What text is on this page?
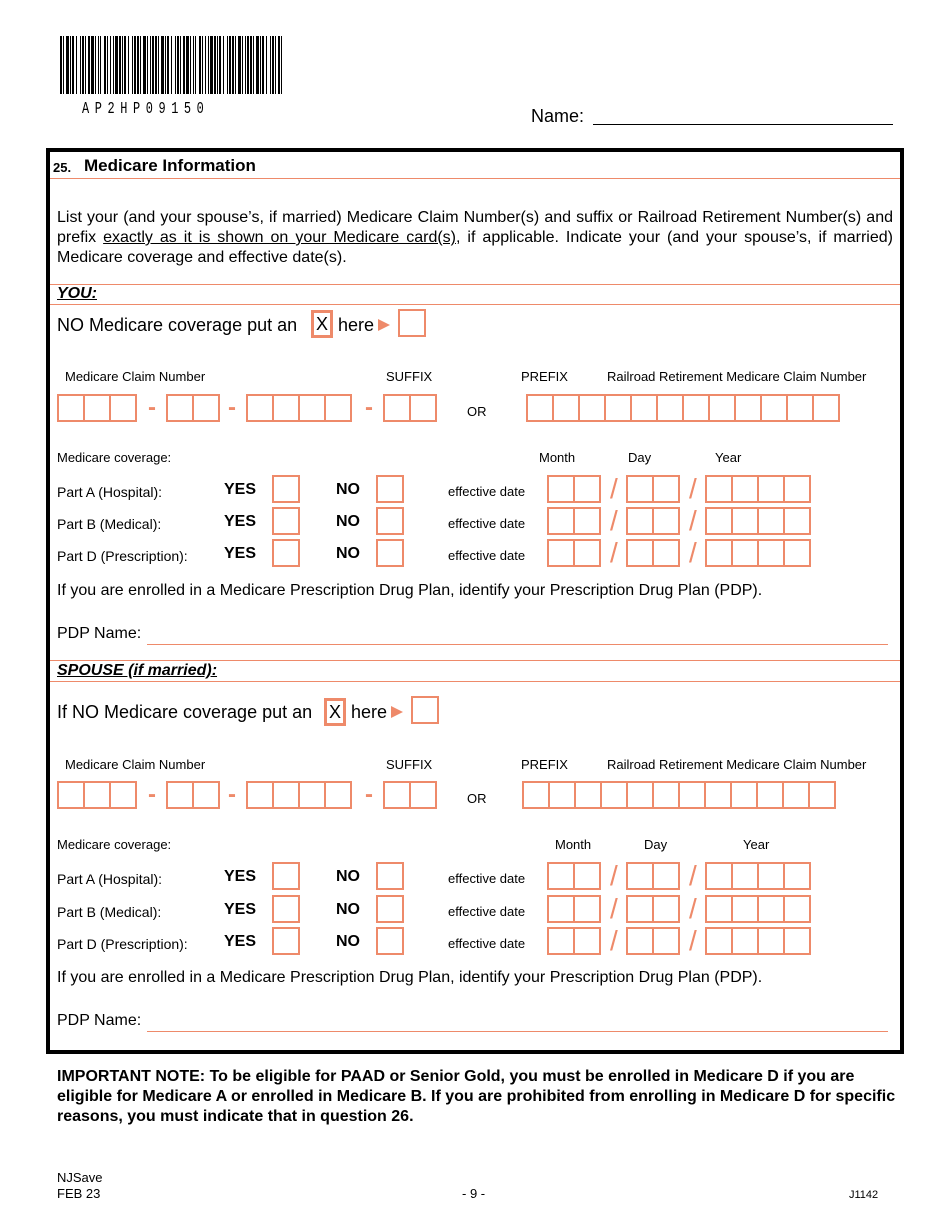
AP2HP09150	Name:
25. Medicare Information
List your (and your spouse’s, if married) Medicare Claim Number(s) and suffix or Railroad Retirement Number(s) and prefix exactly as it is shown on your Medicare card(s), if applicable. Indicate your (and your spouse’s, if married) Medicare coverage and effective date(s).
YOU:
NO Medicare coverage put an X here
Medicare Claim Number	SUFFIX	PREFIX	Railroad Retirement Medicare Claim Number
-	-	-	OR
Medicare coverage:	Month	Day	Year
Part A (Hospital):	YES	NO	effective date	/	/
Part B (Medical):	YES	NO	effective date	/	/
Part D (Prescription): YES	NO	effective date	/	/
If you are enrolled in a Medicare Prescription Drug Plan, identify your Prescription Drug Plan (PDP).
PDP Name:
SPOUSE (if married):
If NO Medicare coverage put an X here
Medicare Claim Number	SUFFIX	PREFIX	Railroad Retirement Medicare Claim Number
-	-	-	OR
Medicare coverage:	Month	Day	Year
Part A (Hospital):	YES	NO	effective date	/	/
Part B (Medical):	YES	NO	effective date	/	/
Part D (Prescription): YES	NO	effective date	/	/
If you are enrolled in a Medicare Prescription Drug Plan, identify your Prescription Drug Plan (PDP).
PDP Name:
IMPORTANT NOTE: To be eligible for PAAD or Senior Gold, you must be enrolled in Medicare D if you are eligible for Medicare A or enrolled in Medicare B. If you are prohibited from enrolling in Medicare D for specific reasons, you must indicate that in question 26.
NJSave
FEB 23	- 9 -	J1142
